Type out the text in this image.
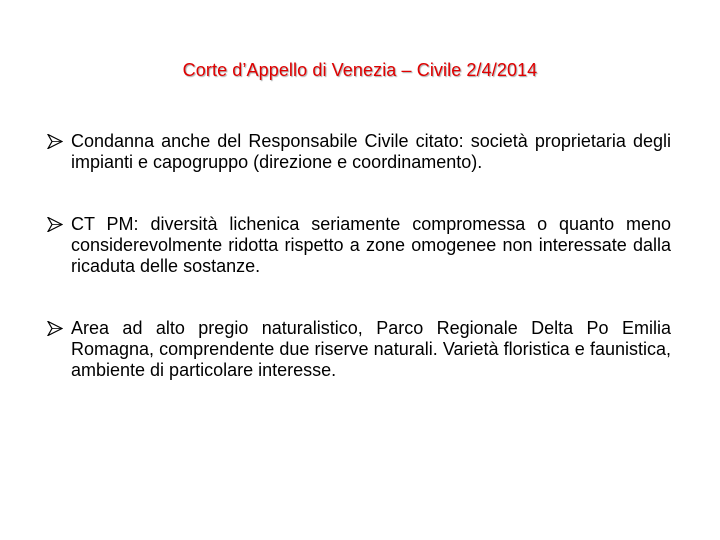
Corte d’Appello di Venezia – Civile 2/4/2014
Condanna anche del Responsabile Civile citato: società proprietaria degli impianti e capogruppo (direzione e coordinamento).
CT PM: diversità lichenica seriamente compromessa o quanto meno considerevolmente ridotta rispetto a zone omogenee non interessate dalla ricaduta delle sostanze.
Area ad alto pregio naturalistico, Parco Regionale Delta Po Emilia Romagna, comprendente due riserve naturali. Varietà floristica e faunistica, ambiente di particolare interesse.
